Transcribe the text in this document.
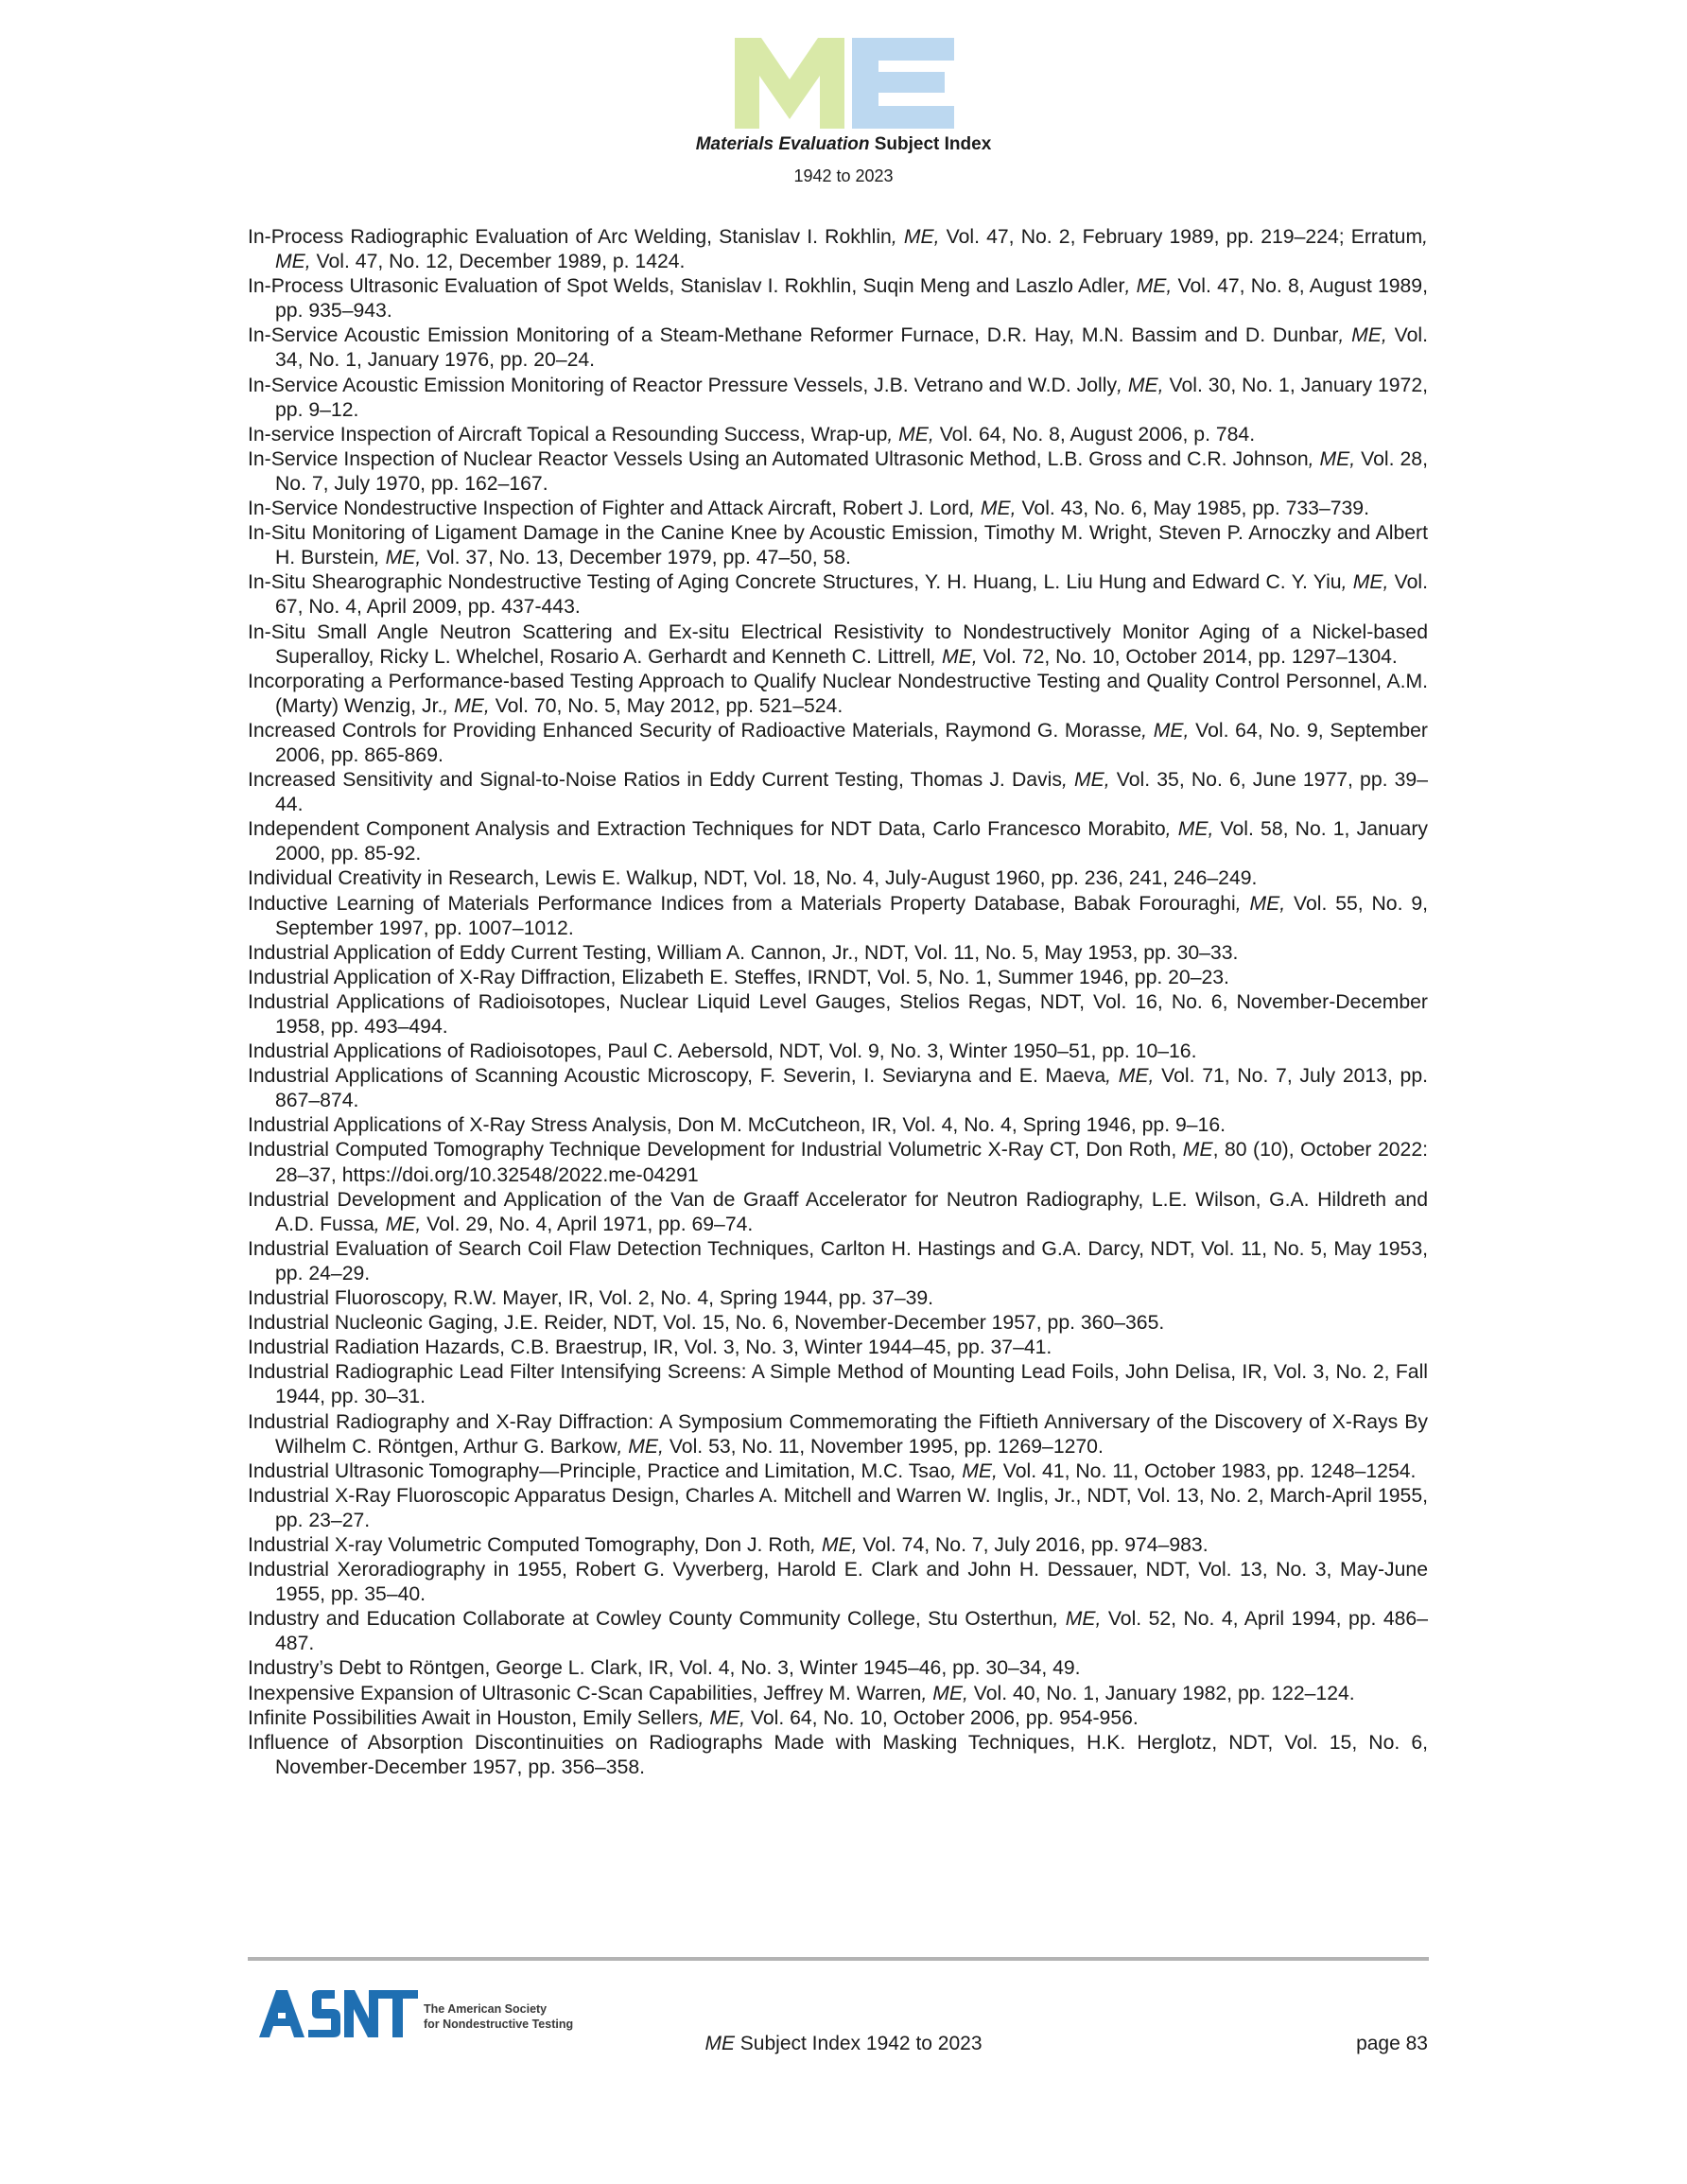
Materials Evaluation Subject Index
1942 to 2023

In-Process Radiographic Evaluation of Arc Welding, Stanislav I. Rokhlin, ME, Vol. 47, No. 2, February 1989, pp. 219–224; Erratum, ME, Vol. 47, No. 12, December 1989, p. 1424.

In-Process Ultrasonic Evaluation of Spot Welds, Stanislav I. Rokhlin, Suqin Meng and Laszlo Adler, ME, Vol. 47, No. 8, August 1989, pp. 935–943.

In-Service Acoustic Emission Monitoring of a Steam-Methane Reformer Furnace, D.R. Hay, M.N. Bassim and D. Dunbar, ME, Vol. 34, No. 1, January 1976, pp. 20–24.

In-Service Acoustic Emission Monitoring of Reactor Pressure Vessels, J.B. Vetrano and W.D. Jolly, ME, Vol. 30, No. 1, January 1972, pp. 9–12.

In-service Inspection of Aircraft Topical a Resounding Success, Wrap-up, ME, Vol. 64, No. 8, August 2006, p. 784.

In-Service Inspection of Nuclear Reactor Vessels Using an Automated Ultrasonic Method, L.B. Gross and C.R. Johnson, ME, Vol. 28, No. 7, July 1970, pp. 162–167.

In-Service Nondestructive Inspection of Fighter and Attack Aircraft, Robert J. Lord, ME, Vol. 43, No. 6, May 1985, pp. 733–739.

In-Situ Monitoring of Ligament Damage in the Canine Knee by Acoustic Emission, Timothy M. Wright, Steven P. Arnoczky and Albert H. Burstein, ME, Vol. 37, No. 13, December 1979, pp. 47–50, 58.

In-Situ Shearographic Nondestructive Testing of Aging Concrete Structures, Y. H. Huang, L. Liu Hung and Edward C. Y. Yiu, ME, Vol. 67, No. 4, April 2009, pp. 437-443.

In-Situ Small Angle Neutron Scattering and Ex-situ Electrical Resistivity to Nondestructively Monitor Aging of a Nickel-based Superalloy, Ricky L. Whelchel, Rosario A. Gerhardt and Kenneth C. Littrell, ME, Vol. 72, No. 10, October 2014, pp. 1297–1304.

Incorporating a Performance-based Testing Approach to Qualify Nuclear Nondestructive Testing and Quality Control Personnel, A.M. (Marty) Wenzig, Jr., ME, Vol. 70, No. 5, May 2012, pp. 521–524.

Increased Controls for Providing Enhanced Security of Radioactive Materials, Raymond G. Morasse, ME, Vol. 64, No. 9, September 2006, pp. 865-869.

Increased Sensitivity and Signal-to-Noise Ratios in Eddy Current Testing, Thomas J. Davis, ME, Vol. 35, No. 6, June 1977, pp. 39–44.

Independent Component Analysis and Extraction Techniques for NDT Data, Carlo Francesco Morabito, ME, Vol. 58, No. 1, January 2000, pp. 85-92.

Individual Creativity in Research, Lewis E. Walkup, NDT, Vol. 18, No. 4, July-August 1960, pp. 236, 241, 246–249.

Inductive Learning of Materials Performance Indices from a Materials Property Database, Babak Forouraghi, ME, Vol. 55, No. 9, September 1997, pp. 1007–1012.

Industrial Application of Eddy Current Testing, William A. Cannon, Jr., NDT, Vol. 11, No. 5, May 1953, pp. 30–33.

Industrial Application of X-Ray Diffraction, Elizabeth E. Steffes, IRNDT, Vol. 5, No. 1, Summer 1946, pp. 20–23.

Industrial Applications of Radioisotopes, Nuclear Liquid Level Gauges, Stelios Regas, NDT, Vol. 16, No. 6, November-December 1958, pp. 493–494.

Industrial Applications of Radioisotopes, Paul C. Aebersold, NDT, Vol. 9, No. 3, Winter 1950–51, pp. 10–16.

Industrial Applications of Scanning Acoustic Microscopy, F. Severin, I. Seviaryna and E. Maeva, ME, Vol. 71, No. 7, July 2013, pp. 867–874.

Industrial Applications of X-Ray Stress Analysis, Don M. McCutcheon, IR, Vol. 4, No. 4, Spring 1946, pp. 9–16.

Industrial Computed Tomography Technique Development for Industrial Volumetric X-Ray CT, Don Roth, ME, 80 (10), October 2022: 28–37, https://doi.org/10.32548/2022.me-04291

Industrial Development and Application of the Van de Graaff Accelerator for Neutron Radiography, L.E. Wilson, G.A. Hildreth and A.D. Fussa, ME, Vol. 29, No. 4, April 1971, pp. 69–74.

Industrial Evaluation of Search Coil Flaw Detection Techniques, Carlton H. Hastings and G.A. Darcy, NDT, Vol. 11, No. 5, May 1953, pp. 24–29.

Industrial Fluoroscopy, R.W. Mayer, IR, Vol. 2, No. 4, Spring 1944, pp. 37–39.

Industrial Nucleonic Gaging, J.E. Reider, NDT, Vol. 15, No. 6, November-December 1957, pp. 360–365.

Industrial Radiation Hazards, C.B. Braestrup, IR, Vol. 3, No. 3, Winter 1944–45, pp. 37–41.

Industrial Radiographic Lead Filter Intensifying Screens: A Simple Method of Mounting Lead Foils, John Delisa, IR, Vol. 3, No. 2, Fall 1944, pp. 30–31.

Industrial Radiography and X-Ray Diffraction: A Symposium Commemorating the Fiftieth Anniversary of the Discovery of X-Rays By Wilhelm C. Röntgen, Arthur G. Barkow, ME, Vol. 53, No. 11, November 1995, pp. 1269–1270.

Industrial Ultrasonic Tomography—Principle, Practice and Limitation, M.C. Tsao, ME, Vol. 41, No. 11, October 1983, pp. 1248–1254.

Industrial X-Ray Fluoroscopic Apparatus Design, Charles A. Mitchell and Warren W. Inglis, Jr., NDT, Vol. 13, No. 2, March-April 1955, pp. 23–27.

Industrial X-ray Volumetric Computed Tomography, Don J. Roth, ME, Vol. 74, No. 7, July 2016, pp. 974–983.

Industrial Xeroradiography in 1955, Robert G. Vyverberg, Harold E. Clark and John H. Dessauer, NDT, Vol. 13, No. 3, May-June 1955, pp. 35–40.

Industry and Education Collaborate at Cowley County Community College, Stu Osterthun, ME, Vol. 52, No. 4, April 1994, pp. 486–487.

Industry’s Debt to Röntgen, George L. Clark, IR, Vol. 4, No. 3, Winter 1945–46, pp. 30–34, 49.

Inexpensive Expansion of Ultrasonic C-Scan Capabilities, Jeffrey M. Warren, ME, Vol. 40, No. 1, January 1982, pp. 122–124.

Infinite Possibilities Await in Houston, Emily Sellers, ME, Vol. 64, No. 10, October 2006, pp. 954-956.

Influence of Absorption Discontinuities on Radiographs Made with Masking Techniques, H.K. Herglotz, NDT, Vol. 15, No. 6, November-December 1957, pp. 356–358.

The American Society
for Nondestructive Testing
ASNT
ME Subject Index 1942 to 2023	page 83
